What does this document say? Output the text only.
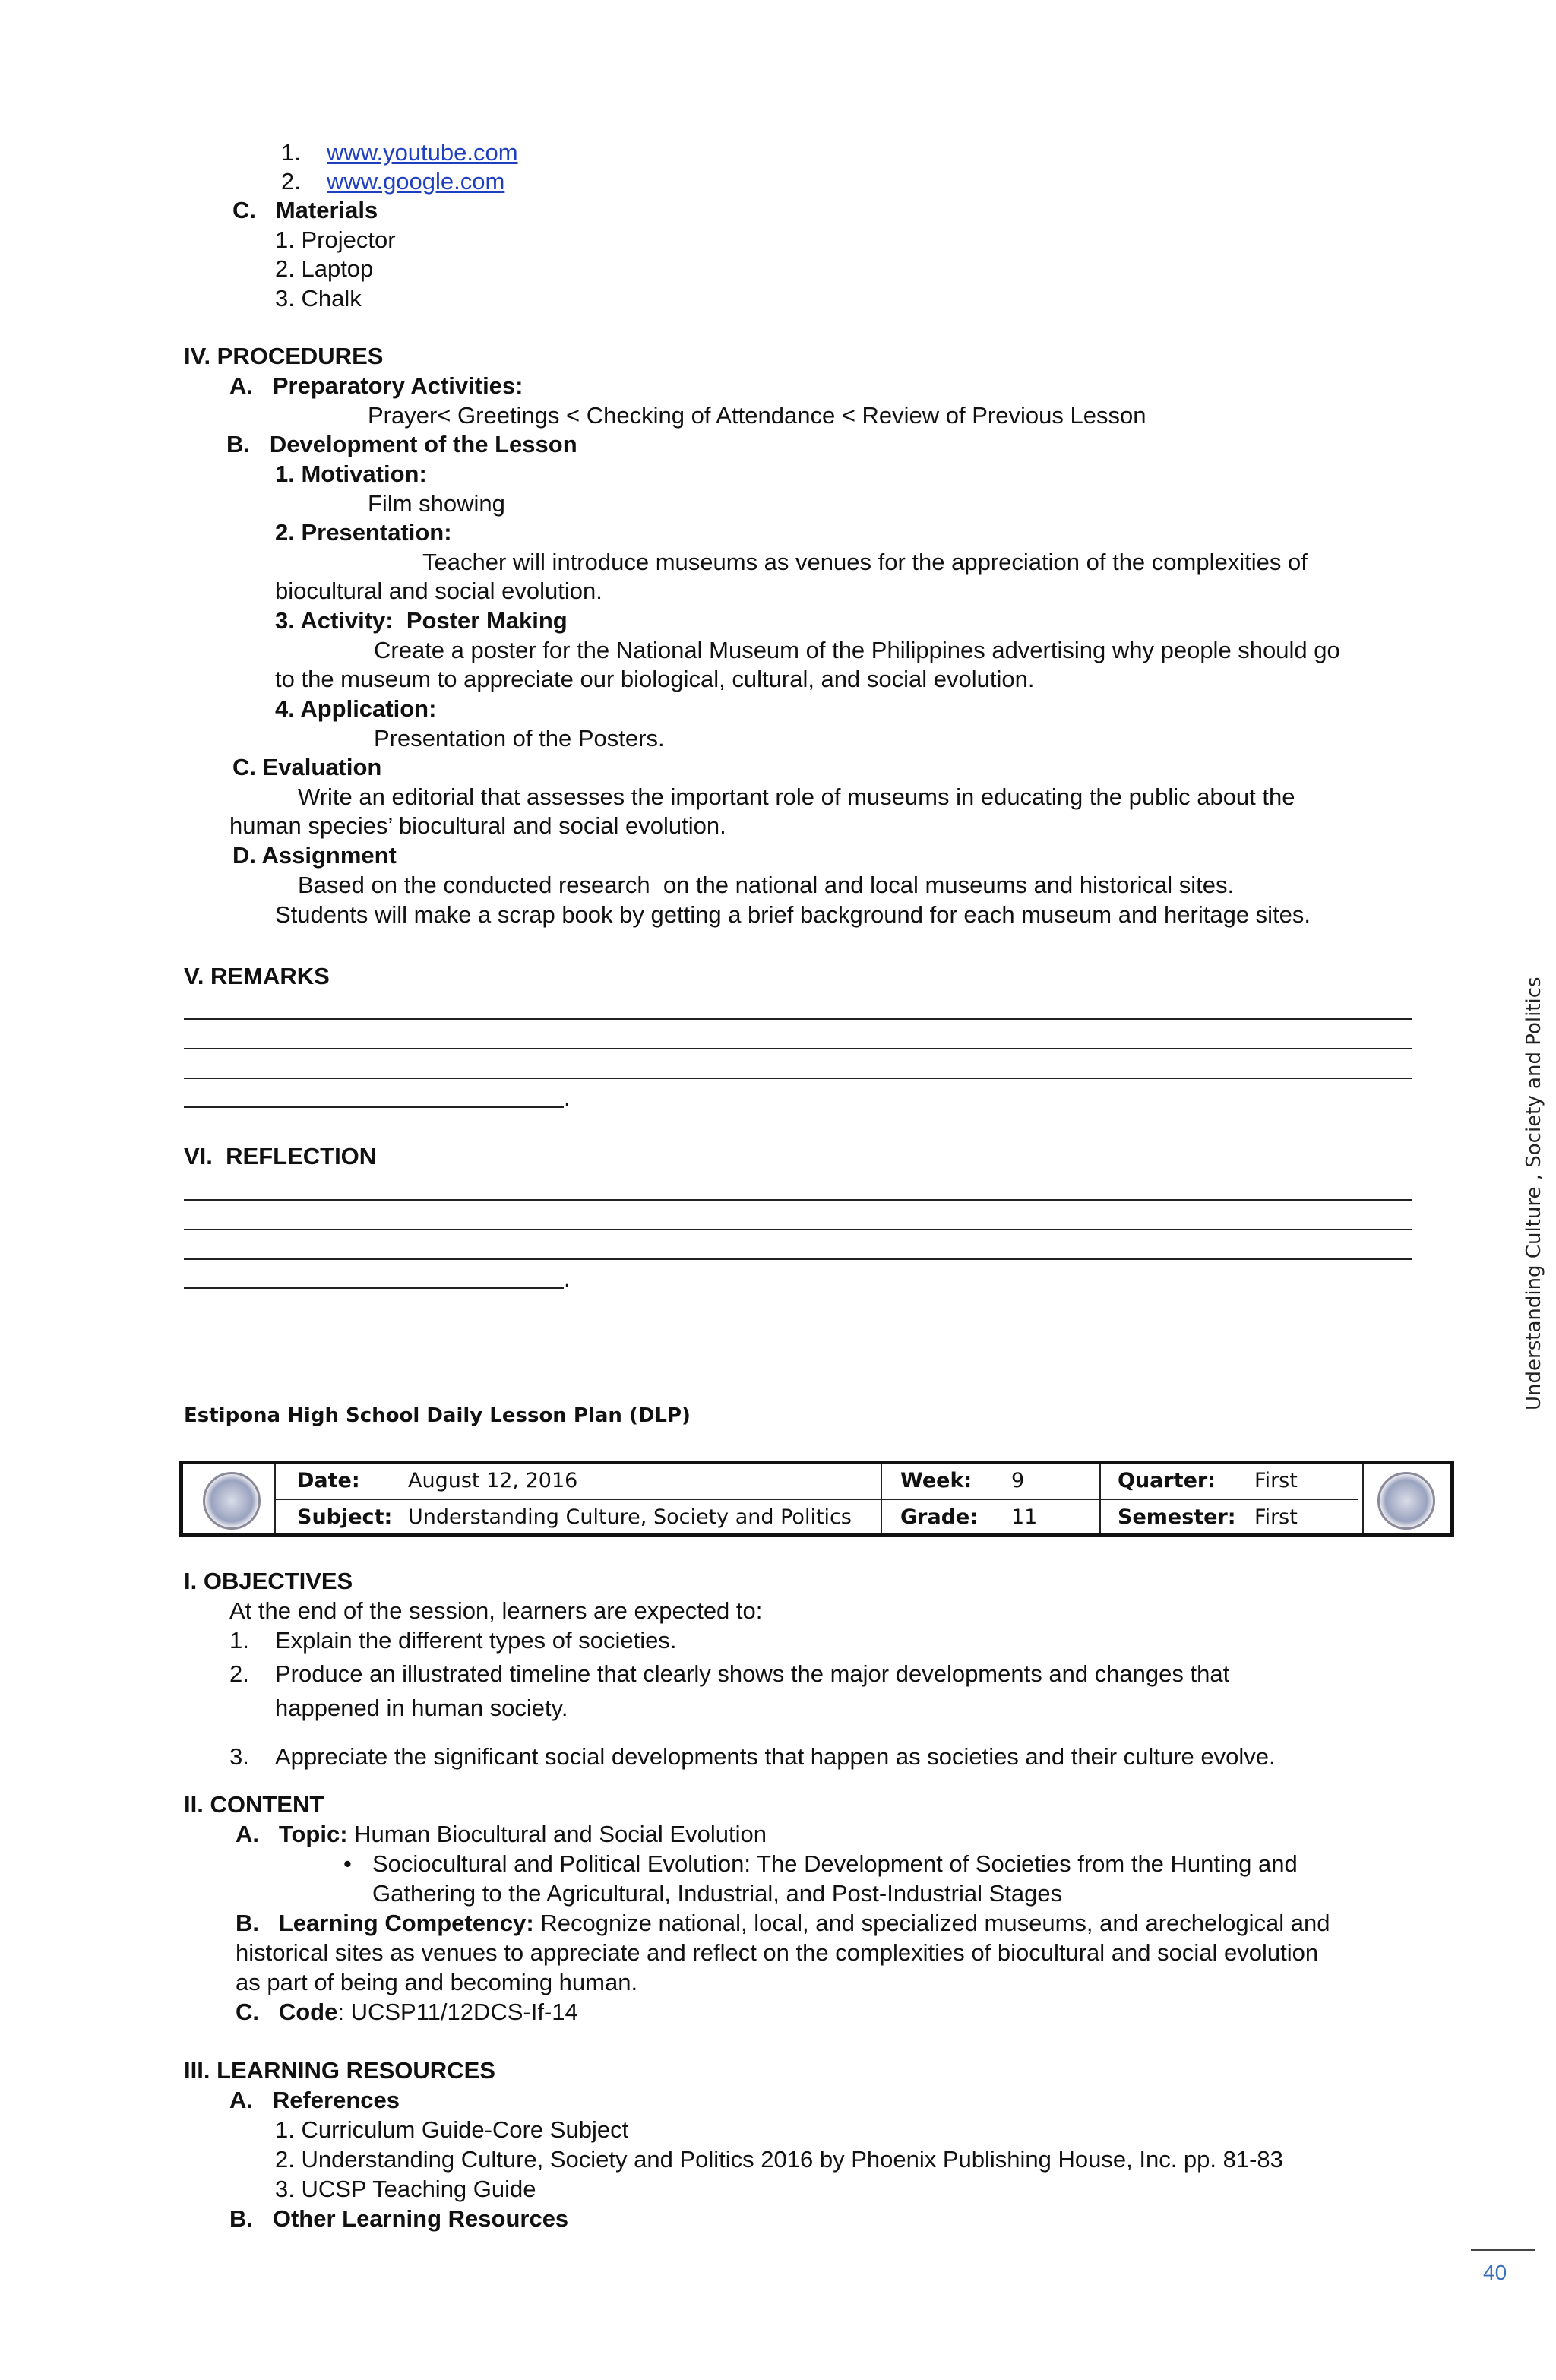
1. www.youtube.com
2. www.google.com
C.   Materials
1. Projector
2. Laptop
3. Chalk
IV. PROCEDURES
A.   Preparatory Activities:
Prayer< Greetings < Checking of Attendance < Review of Previous Lesson
B.   Development of the Lesson
1. Motivation:
Film showing
2. Presentation:
Teacher will introduce museums as venues for the appreciation of the complexities of
biocultural and social evolution.
3. Activity:  Poster Making
Create a poster for the National Museum of the Philippines advertising why people should go
to the museum to appreciate our biological, cultural, and social evolution.
4. Application:
Presentation of the Posters.
C. Evaluation
Write an editorial that assesses the important role of museums in educating the public about the
human species’ biocultural and social evolution.
D. Assignment
Based on the conducted research  on the national and local museums and historical sites.
Students will make a scrap book by getting a brief background for each museum and heritage sites.
V. REMARKS
.
VI.  REFLECTION
.	Understanding Culture , Society and Politics
Estipona High School Daily Lesson Plan (DLP)
Date: August 12, 2016	Week: 9	Quarter: First
Subject: Understanding Culture, Society and Politics Grade: 11	Semester: First
I. OBJECTIVES
At the end of the session, learners are expected to:
1. Explain the different types of societies.
2. Produce an illustrated timeline that clearly shows the major developments and changes that
happened in human society.
3. Appreciate the significant social developments that happen as societies and their culture evolve.
II. CONTENT
A.   Topic: Human Biocultural and Social Evolution
• Sociocultural and Political Evolution: The Development of Societies from the Hunting and
Gathering to the Agricultural, Industrial, and Post-Industrial Stages
B.   Learning Competency: Recognize national, local, and specialized museums, and arechelogical and
historical sites as venues to appreciate and reflect on the complexities of biocultural and social evolution
as part of being and becoming human.
C.   Code: UCSP11/12DCS-If-14
III. LEARNING RESOURCES
A.   References
1. Curriculum Guide-Core Subject
2. Understanding Culture, Society and Politics 2016 by Phoenix Publishing House, Inc. pp. 81-83
3. UCSP Teaching Guide
B.   Other Learning Resources
40
